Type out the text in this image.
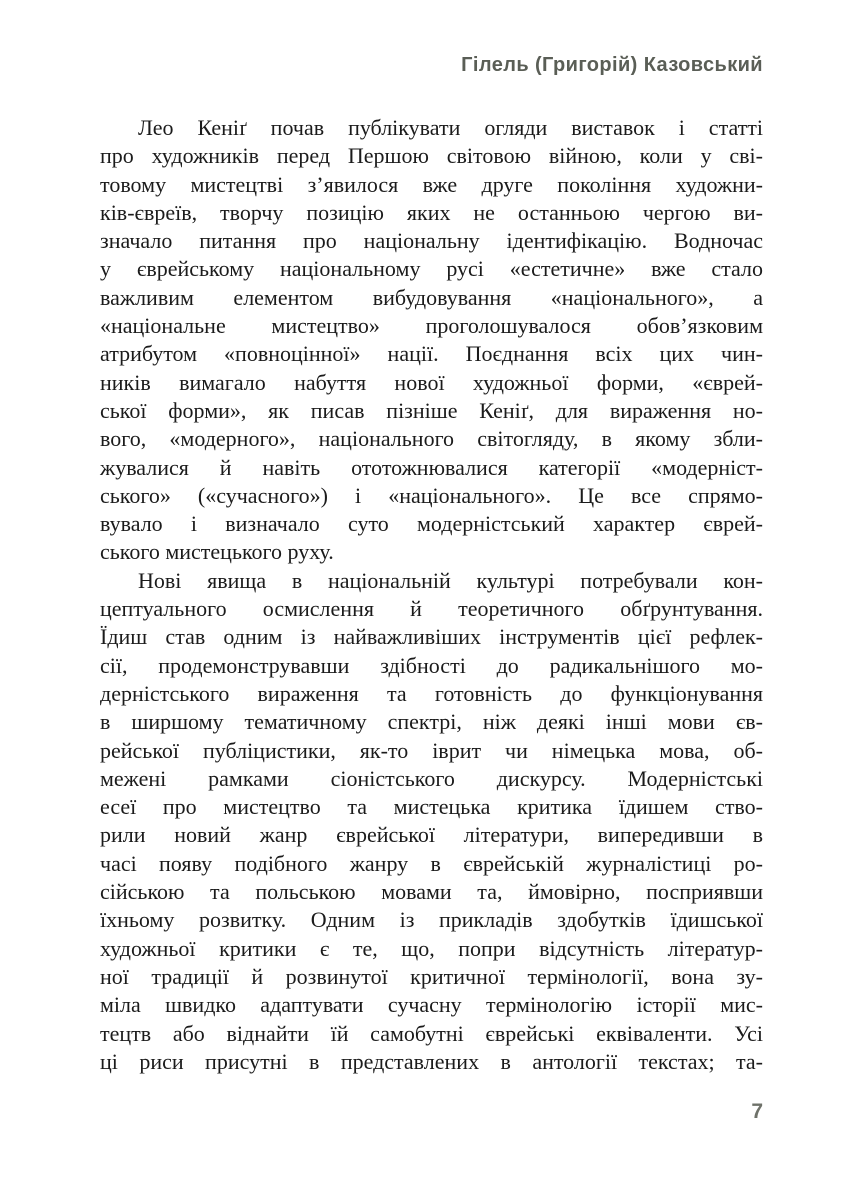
Гілель (Григорій) Казовський
Лео Кеніґ почав публікувати огляди виставок і статті
про художників перед Першою світовою війною, коли у сві-
товому мистецтві з’явилося вже друге покоління художни-
ків-євреїв, творчу позицію яких не останньою чергою ви-
значало питання про національну ідентифікацію. Водночас
у єврейському національному русі «естетичне» вже стало
важливим елементом вибудовування «національного», а
«національне мистецтво» проголошувалося обов’язковим
атрибутом «повноцінної» нації. Поєднання всіх цих чин-
ників вимагало набуття нової художньої форми, «єврей-
ської форми», як писав пізніше Кеніґ, для вираження но-
вого, «модерного», національного світогляду, в якому збли-
жувалися й навіть ототожнювалися категорії «модерніст-
ського» («сучасного») і «національного». Це все спрямо-
вувало і визначало суто модерністський характер єврей-
ського мистецького руху.
Нові явища в національній культурі потребували кон-
цептуального осмислення й теоретичного обґрунтування.
Їдиш став одним із найважливіших інструментів цієї рефлек-
сії, продемонструвавши здібності до радикальнішого мо-
дерністського вираження та готовність до функціонування
в ширшому тематичному спектрі, ніж деякі інші мови єв-
рейської публіцистики, як-то іврит чи німецька мова, об-
межені рамками сіоністського дискурсу. Модерністські
есеї про мистецтво та мистецька критика їдишем ство-
рили новий жанр єврейської літератури, випередивши в
часі появу подібного жанру в єврейській журналістиці ро-
сійською та польською мовами та, ймовірно, посприявши
їхньому розвитку. Одним із прикладів здобутків їдишської
художньої критики є те, що, попри відсутність літератур-
ної традиції й розвинутої критичної термінології, вона зу-
міла швидко адаптувати сучасну термінологію історії мис-
тецтв або віднайти їй самобутні єврейські еквіваленти. Усі
ці риси присутні в представлених в антології текстах; та-
7
